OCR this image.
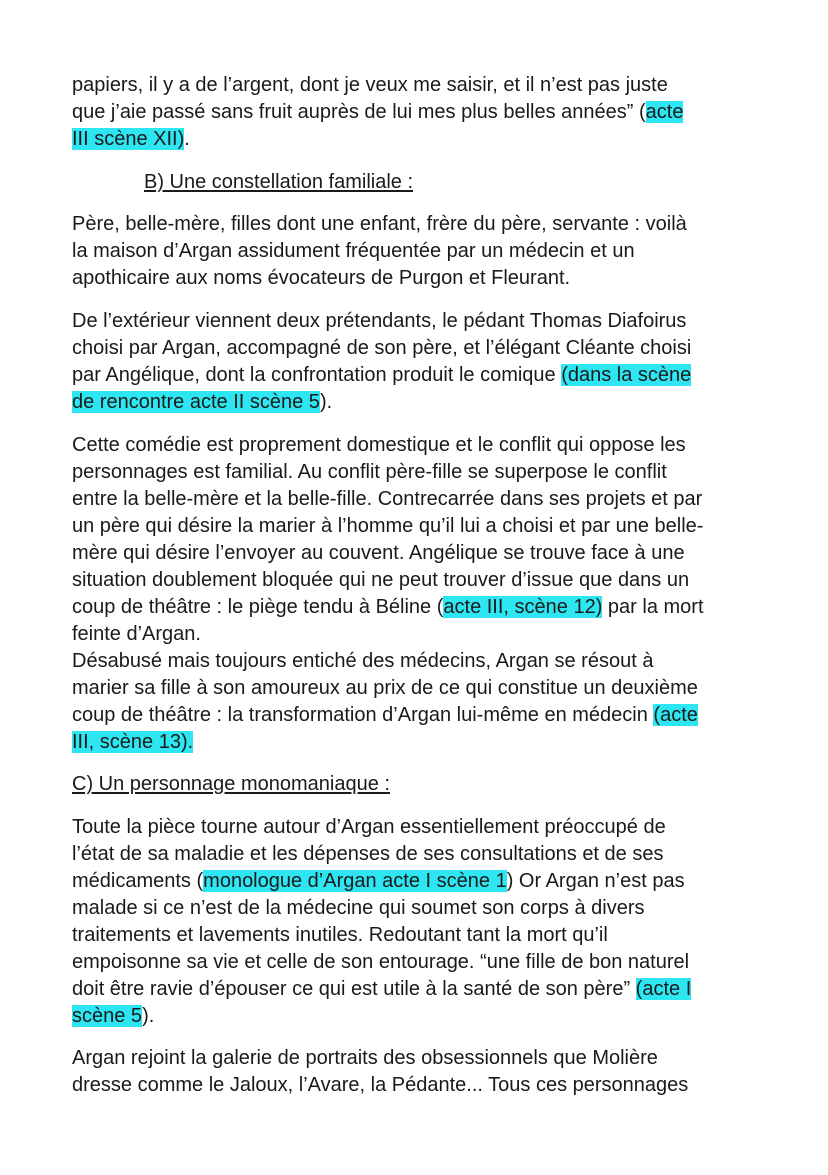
papiers, il y a de l’argent, dont je veux me saisir, et il n’est pas juste
que j’aie passé sans fruit auprès de lui mes plus belles années” (acte
III scène XII).
B) Une constellation familiale :
Père, belle-mère, filles dont une enfant, frère du père, servante : voilà
la maison d’Argan assidument fréquentée par un médecin et un
apothicaire aux noms évocateurs de Purgon et Fleurant.
De l’extérieur viennent deux prétendants, le pédant Thomas Diafoirus
choisi par Argan, accompagné de son père, et l’élégant Cléante choisi
par Angélique, dont la confrontation produit le comique (dans la scène
de rencontre acte II scène 5).
Cette comédie est proprement domestique et le conflit qui oppose les
personnages est familial. Au conflit père-fille se superpose le conflit
entre la belle-mère et la belle-fille. Contrecarrée dans ses projets et par
un père qui désire la marier à l’homme qu’il lui a choisi et par une belle-
mère qui désire l’envoyer au couvent. Angélique se trouve face à une
situation doublement bloquée qui ne peut trouver d’issue que dans un
coup de théâtre : le piège tendu à Béline (acte III, scène 12) par la mort
feinte d’Argan.
Désabusé mais toujours entiché des médecins, Argan se résout à
marier sa fille à son amoureux au prix de ce qui constitue un deuxième
coup de théâtre : la transformation d’Argan lui-même en médecin (acte
III, scène 13).
C) Un personnage monomaniaque :
Toute la pièce tourne autour d’Argan essentiellement préoccupé de
l’état de sa maladie et les dépenses de ses consultations et de ses
médicaments (monologue d’Argan acte I scène 1) Or Argan n’est pas
malade si ce n’est de la médecine qui soumet son corps à divers
traitements et lavements inutiles. Redoutant tant la mort qu’il
empoisonne sa vie et celle de son entourage. “une fille de bon naturel
doit être ravie d’épouser ce qui est utile à la santé de son père” (acte I
scène 5).
Argan rejoint la galerie de portraits des obsessionnels que Molière
dresse comme le Jaloux, l’Avare, la Pédante... Tous ces personnages
